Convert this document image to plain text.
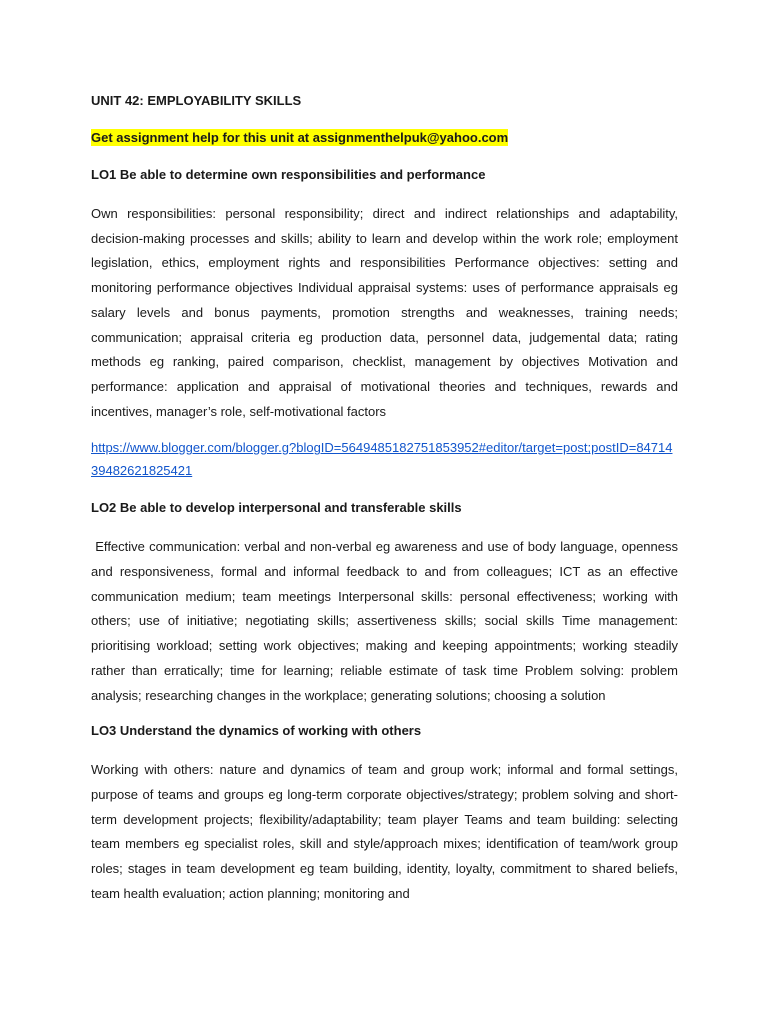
UNIT 42: EMPLOYABILITY SKILLS
Get assignment help for this unit at assignmenthelpuk@yahoo.com
LO1 Be able to determine own responsibilities and performance
Own responsibilities: personal responsibility; direct and indirect relationships and adaptability, decision-making processes and skills; ability to learn and develop within the work role; employment legislation, ethics, employment rights and responsibilities Performance objectives: setting and monitoring performance objectives Individual appraisal systems: uses of performance appraisals eg salary levels and bonus payments, promotion strengths and weaknesses, training needs; communication; appraisal criteria eg production data, personnel data, judgemental data; rating methods eg ranking, paired comparison, checklist, management by objectives Motivation and performance: application and appraisal of motivational theories and techniques, rewards and incentives, manager’s role, self-motivational factors
https://www.blogger.com/blogger.g?blogID=5649485182751853952#editor/target=post;postID=8471439482621825421
LO2 Be able to develop interpersonal and transferable skills
Effective communication: verbal and non-verbal eg awareness and use of body language, openness and responsiveness, formal and informal feedback to and from colleagues; ICT as an effective communication medium; team meetings Interpersonal skills: personal effectiveness; working with others; use of initiative; negotiating skills; assertiveness skills; social skills Time management: prioritising workload; setting work objectives; making and keeping appointments; working steadily rather than erratically; time for learning; reliable estimate of task time Problem solving: problem analysis; researching changes in the workplace; generating solutions; choosing a solution
LO3 Understand the dynamics of working with others
Working with others: nature and dynamics of team and group work; informal and formal settings, purpose of teams and groups eg long-term corporate objectives/strategy; problem solving and short-term development projects; flexibility/adaptability; team player Teams and team building: selecting team members eg specialist roles, skill and style/approach mixes; identification of team/work group roles; stages in team development eg team building, identity, loyalty, commitment to shared beliefs, team health evaluation; action planning; monitoring and
